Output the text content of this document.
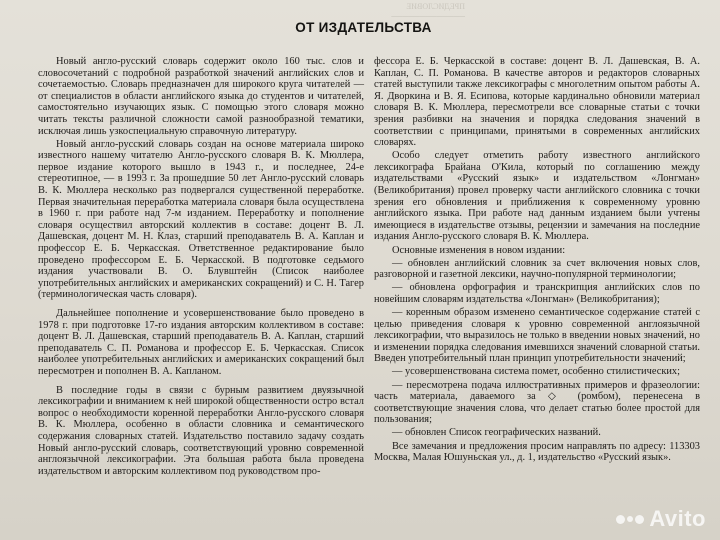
ПРЕДИСЛОВИЕ
─────────────
ОТ ИЗДАТЕЛЬСТВА

Новый англо-русский словарь содержит около 160 тыс. слов и словосочетаний с подробной разработкой значений английских слов и сочетаемостью. Словарь предназначен для широкого круга читателей — от специалистов в области английского языка до студентов и читателей, самостоятельно изучающих язык. С помощью этого словаря можно читать тексты различной сложности самой разнообразной тематики, исключая лишь узкоспециальную справочную литературу.

Новый англо-русский словарь создан на основе материала широко известного нашему читателю Англо-русского словаря В. К. Мюллера, первое издание которого вышло в 1943 г., и последнее, 24-е стереотипное, — в 1993 г. За прошедшие 50 лет Англо-русский словарь В. К. Мюллера несколько раз подвергался существенной переработке. Первая значительная переработка материала словаря была осуществлена в 1960 г. при работе над 7-м изданием. Переработку и пополнение словаря осуществил авторский коллектив в составе: доцент В. Л. Дашевская, доцент М. Н. Клаз, старший преподаватель В. А. Каплан и профессор Е. Б. Черкасская. Ответственное редактирование было проведено профессором Е. Б. Черкасской. В подготовке седьмого издания участвовали В. О. Блувштейн (Список наиболее употребительных английских и американских сокращений) и С. Н. Тагер (терминологическая часть словаря).

Дальнейшее пополнение и усовершенствование было проведено в 1978 г. при подготовке 17-го издания авторским коллективом в составе: доцент В. Л. Дашевская, старший преподаватель В. А. Каплан, старший преподаватель С. П. Романова и профессор Е. Б. Черкасская. Список наиболее употребительных английских и американских сокращений был пересмотрен и пополнен В. А. Капланом.

В последние годы в связи с бурным развитием двуязычной лексикографии и вниманием к ней широкой общественности остро встал вопрос о необходимости коренной переработки Англо-русского словаря В. К. Мюллера, особенно в области словника и семантического содержания словарных статей. Издательство поставило задачу создать Новый англо-русский словарь, соответствующий уровню современной англоязычной лексикографии. Эта большая работа была проведена издательством и авторским коллективом под руководством про-

фессора Е. Б. Черкасской в составе: доцент В. Л. Дашевская, В. А. Каплан, С. П. Романова. В качестве авторов и редакторов словарных статей выступили также лексикографы с многолетним опытом работы А. Я. Дворкина и В. Я. Есипова, которые кардинально обновили материал словаря В. К. Мюллера, пересмотрели все словарные статьи с точки зрения разбивки на значения и порядка следования значений в соответствии с принципами, принятыми в современных английских словарях.

Особо следует отметить работу известного английского лексикографа Брайана О'Кила, который по соглашению между издательствами «Русский язык» и издательством «Лонгман» (Великобритания) провел проверку части английского словника с точки зрения его обновления и приближения к современному уровню английского языка. При работе над данным изданием были учтены имеющиеся в издательстве отзывы, рецензии и замечания на последние издания Англо-русского словаря В. К. Мюллера.

Основные изменения в новом издании:

— обновлен английский словник за счет включения новых слов, разговорной и газетной лексики, научно-популярной терминологии;

— обновлена орфография и транскрипция английских слов по новейшим словарям издательства «Лонгман» (Великобритания);

— коренным образом изменено семантическое содержание статей с целью приведения словаря к уровню современной англоязычной лексикографии, что выразилось не только в введении новых значений, но и изменении порядка следования имевшихся значений словарной статьи. Введен употребительный план принцип употребительности значений;

— усовершенствована система помет, особенно стилистических;

— пересмотрена подача иллюстративных примеров и фразеологии: часть материала, даваемого за ◇ (ромбом), перенесена в соответствующие значения слова, что делает статью более простой для пользования;

— обновлен Список географических названий.

Все замечания и предложения просим направлять по адресу: 113303 Москва, Малая Юшуньская ул., д. 1, издательство «Русский язык».

Avito
